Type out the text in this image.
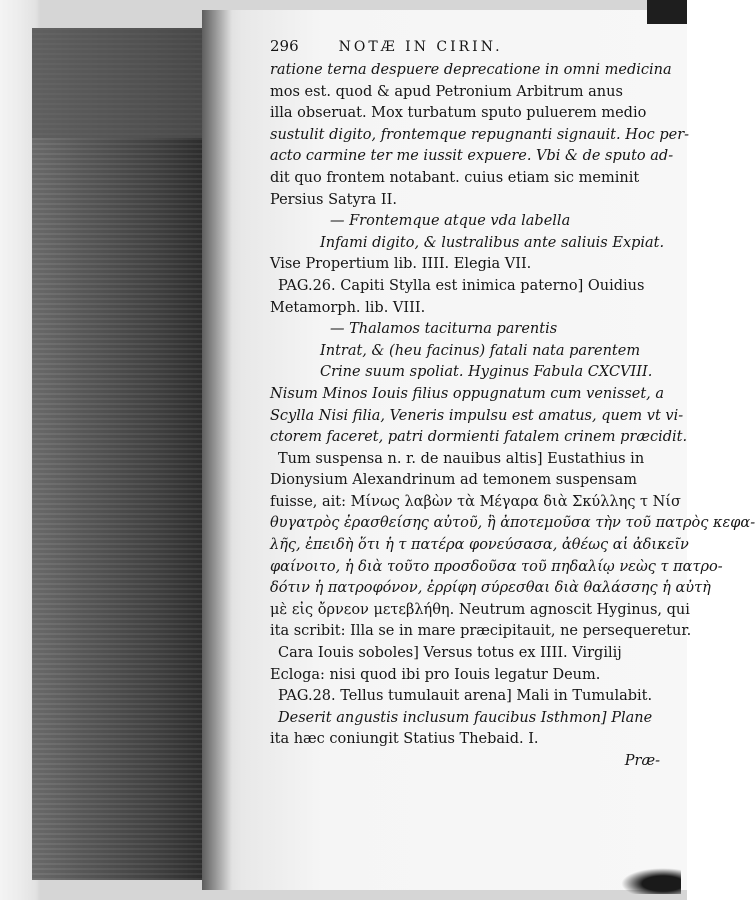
296	NOTÆ IN CIRIN.
ratione terna despuere deprecatione in omni medicina
mos est. quod & apud Petronium Arbitrum anus
illa obseruat. Mox turbatum sputo puluerem medio
sustulit digito, frontemque repugnanti signauit. Hoc per-
acto carmine ter me iussit expuere. Vbi & de sputo ad-
dit quo frontem notabant. cuius etiam sic meminit
Persius Satyra II.
— Frontemque atque vda labella
Infami digito, & lustralibus ante saliuis Expiat.
Vise Propertium lib. IIII. Elegia VII.
PAG.26. Capiti Stylla est inimica paterno] Ouidius
Metamorph. lib. VIII.
— Thalamos taciturna parentis
Intrat, & (heu facinus) fatali nata parentem
Crine suum spoliat. Hyginus Fabula CXCVIII.
Nisum Minos Iouis filius oppugnatum cum venisset, a
Scylla Nisi filia, Veneris impulsu est amatus, quem vt vi-
ctorem faceret, patri dormienti fatalem crinem præcidit.
Tum suspensa n. r. de nauibus altis] Eustathius in
Dionysium Alexandrinum ad temonem suspensam
fuisse, ait: Μίνως λαβὼν τὰ Μέγαρα διὰ Σκύλλης τ Νίσ
θυγατρὸς ἐρασθείσης αὐτοῦ, ἣ ἀποτεμοῦσα τὴν τοῦ πατρὸς κεφα-
λῆς, ἐπειδὴ ὅτι ἡ τ πατέρα φονεύσασα, ἀθέως αἱ ἀδικεῖν
φαίνοιτο, ἡ διὰ τοῦτο προσδοῦσα τοῦ πηδαλίῳ νεὼς τ πατρο-
δότιν ἡ πατροφόνον, ἐρρίφη σύρεσθαι διὰ θαλάσσης ἡ αὐτὴ
μὲ εἰς ὄρνεον μετεβλήθη. Neutrum agnoscit Hyginus, qui
ita scribit: Illa se in mare præcipitauit, ne persequeretur.
Cara Iouis soboles] Versus totus ex IIII. Virgilij
Ecloga: nisi quod ibi pro Iouis legatur Deum.
PAG.28. Tellus tumulauit arena] Mali in Tumulabit.
Deserit angustis inclusum faucibus Isthmon] Plane
ita hæc coniungit Statius Thebaid. I.
Præ-
